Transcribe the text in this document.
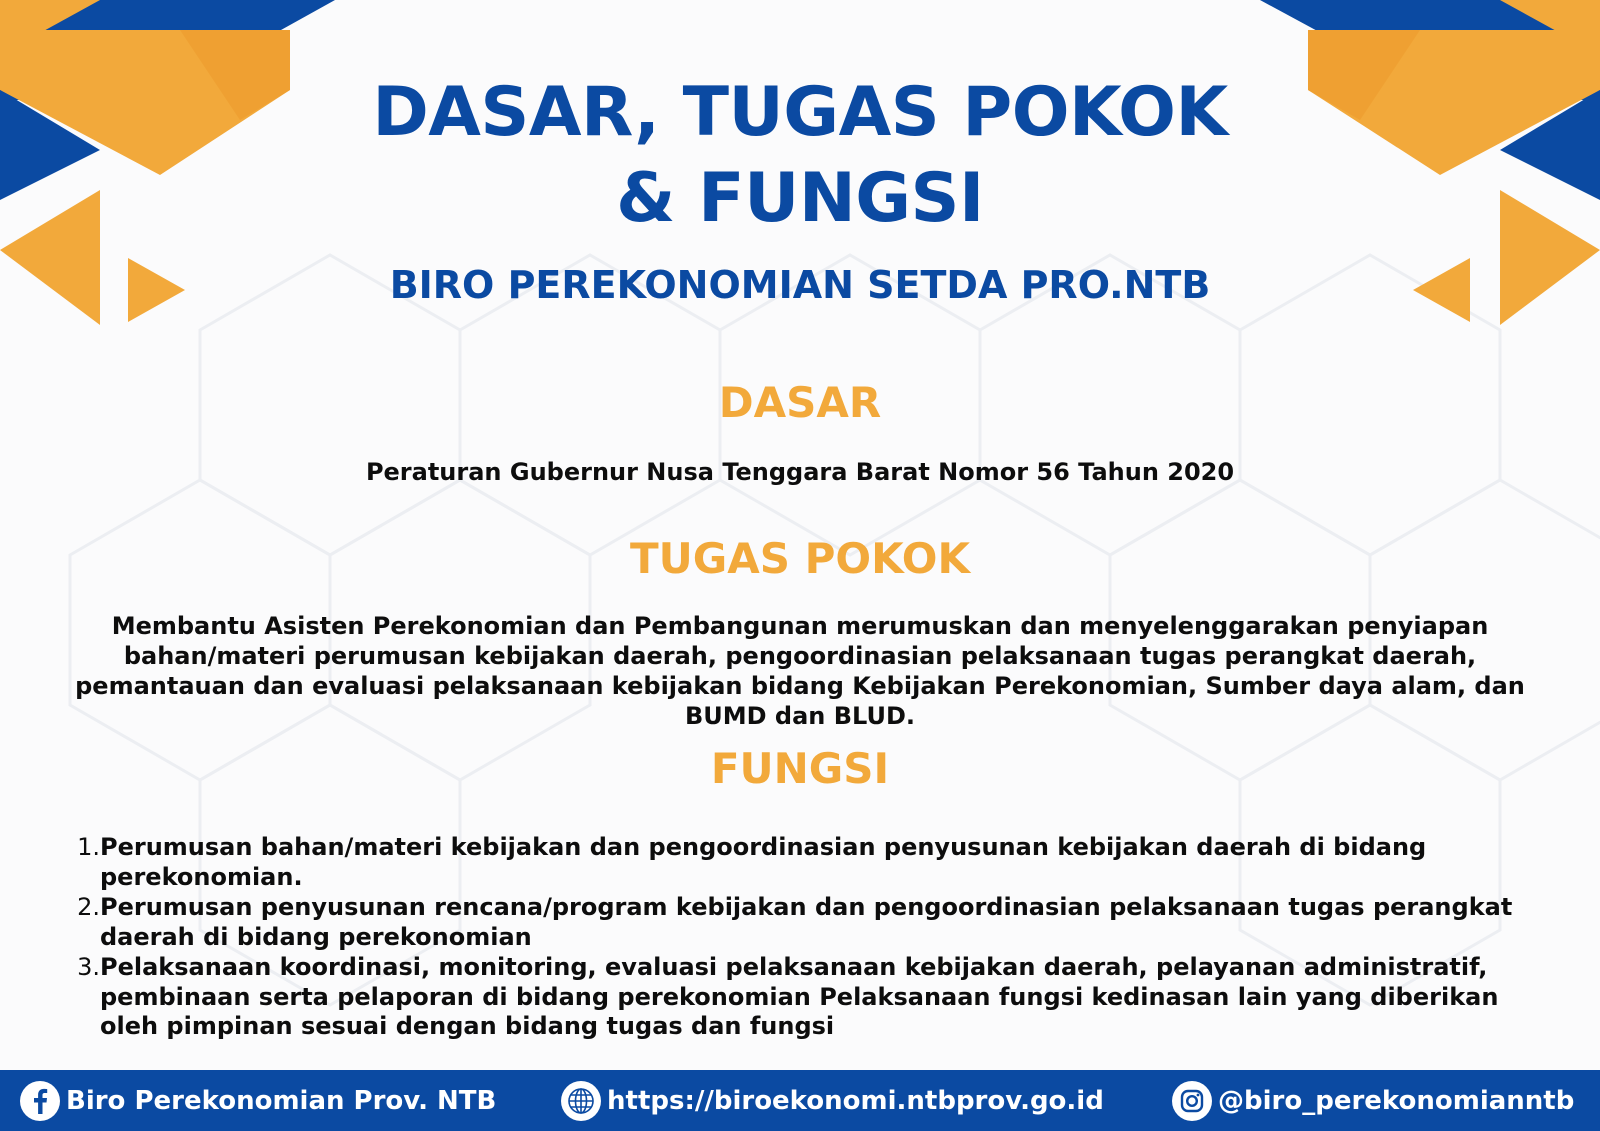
DASAR, TUGAS POKOK
& FUNGSI
BIRO PEREKONOMIAN SETDA PRO.NTB
DASAR

Peraturan Gubernur Nusa Tenggara Barat Nomor 56 Tahun 2020

TUGAS POKOK

Membantu Asisten Perekonomian dan Pembangunan merumuskan dan menyelenggarakan penyiapan bahan/materi perumusan kebijakan daerah, pengoordinasian pelaksanaan tugas perangkat daerah, pemantauan dan evaluasi pelaksanaan kebijakan bidang Kebijakan Perekonomian, Sumber daya alam, dan BUMD dan BLUD.

FUNGSI
1. Perumusan bahan/materi kebijakan dan pengoordinasian penyusunan kebijakan daerah di bidang perekonomian.
2. Perumusan penyusunan rencana/program kebijakan dan pengoordinasian pelaksanaan tugas perangkat daerah di bidang perekonomian
3. Pelaksanaan koordinasi, monitoring, evaluasi pelaksanaan kebijakan daerah, pelayanan administratif, pembinaan serta pelaporan di bidang perekonomian Pelaksanaan fungsi kedinasan lain yang diberikan oleh pimpinan sesuai dengan bidang tugas dan fungsi
Biro Perekonomian Prov. NTB	https://biroekonomi.ntbprov.go.id	@biro_perekonomianntb
